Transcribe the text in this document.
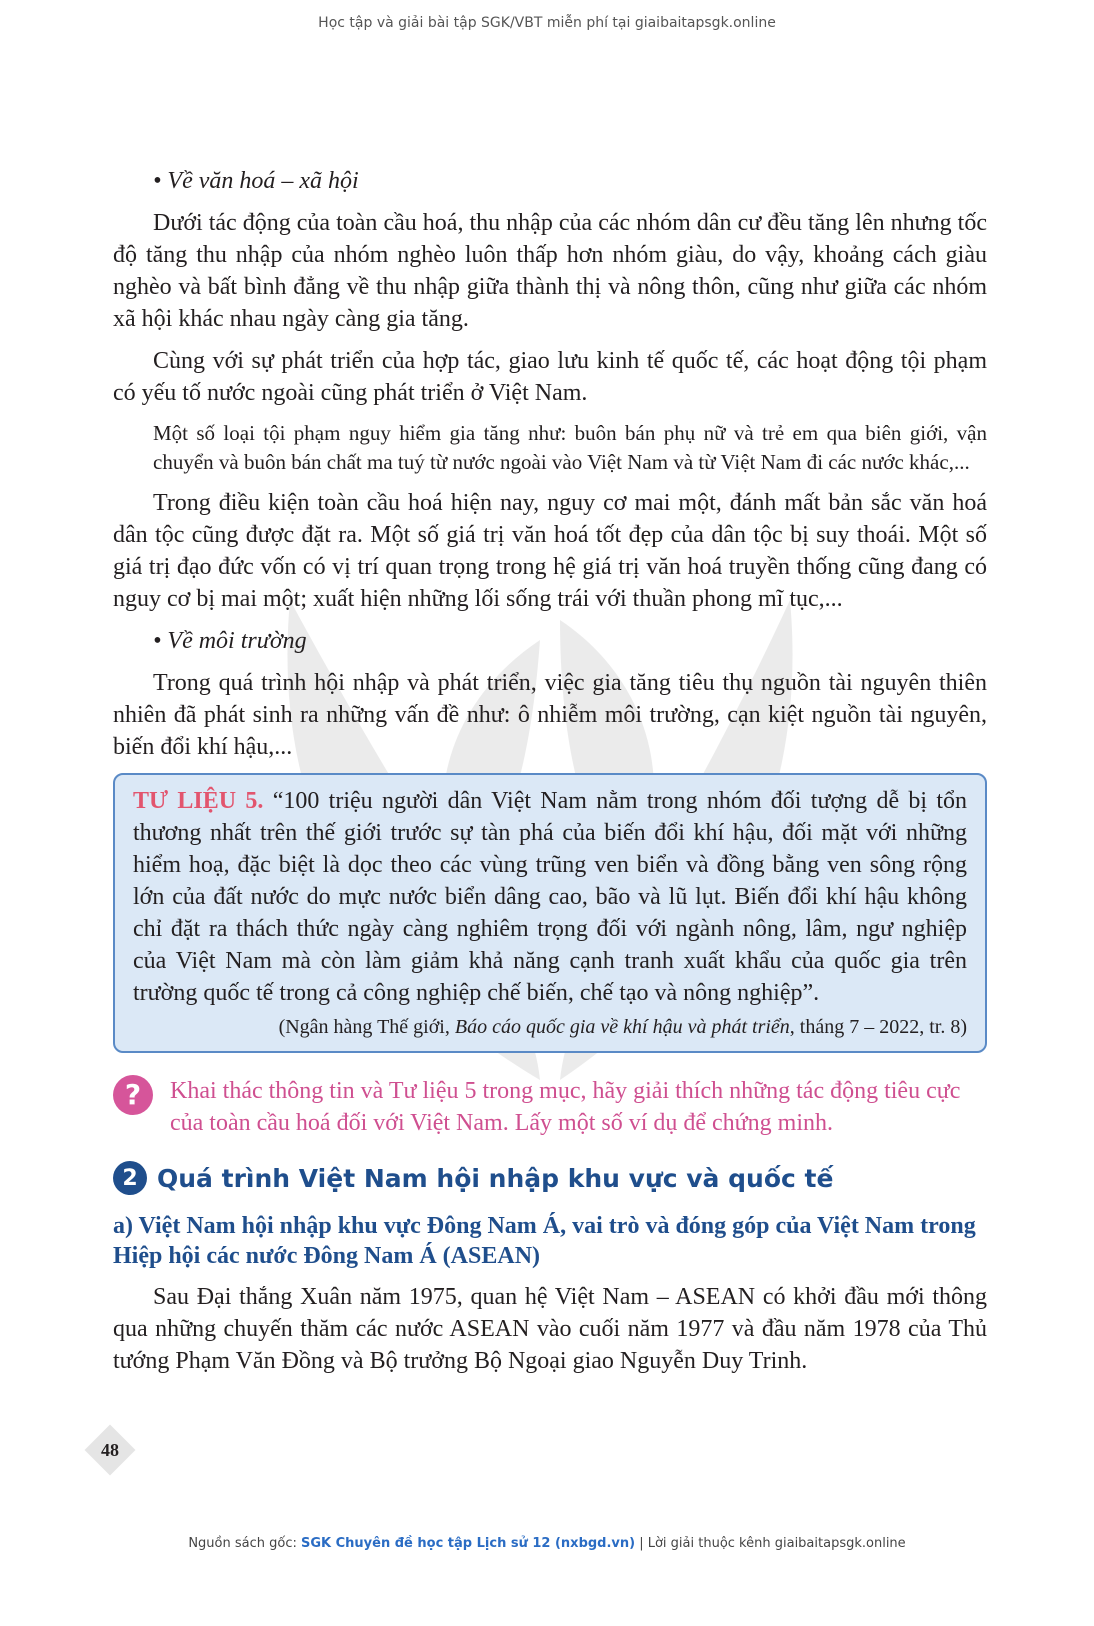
Học tập và giải bài tập SGK/VBT miễn phí tại giaibaitapsgk.online
• Về văn hoá – xã hội

Dưới tác động của toàn cầu hoá, thu nhập của các nhóm dân cư đều tăng lên nhưng tốc độ tăng thu nhập của nhóm nghèo luôn thấp hơn nhóm giàu, do vậy, khoảng cách giàu nghèo và bất bình đẳng về thu nhập giữa thành thị và nông thôn, cũng như giữa các nhóm xã hội khác nhau ngày càng gia tăng.

Cùng với sự phát triển của hợp tác, giao lưu kinh tế quốc tế, các hoạt động tội phạm có yếu tố nước ngoài cũng phát triển ở Việt Nam.

Một số loại tội phạm nguy hiểm gia tăng như: buôn bán phụ nữ và trẻ em qua biên giới, vận chuyển và buôn bán chất ma tuý từ nước ngoài vào Việt Nam và từ Việt Nam đi các nước khác,...

Trong điều kiện toàn cầu hoá hiện nay, nguy cơ mai một, đánh mất bản sắc văn hoá dân tộc cũng được đặt ra. Một số giá trị văn hoá tốt đẹp của dân tộc bị suy thoái. Một số giá trị đạo đức vốn có vị trí quan trọng trong hệ giá trị văn hoá truyền thống cũng đang có nguy cơ bị mai một; xuất hiện những lối sống trái với thuần phong mĩ tục,...

• Về môi trường

Trong quá trình hội nhập và phát triển, việc gia tăng tiêu thụ nguồn tài nguyên thiên nhiên đã phát sinh ra những vấn đề như: ô nhiễm môi trường, cạn kiệt nguồn tài nguyên, biến đổi khí hậu,...

TƯ LIỆU 5. “100 triệu người dân Việt Nam nằm trong nhóm đối tượng dễ bị tổn thương nhất trên thế giới trước sự tàn phá của biến đổi khí hậu, đối mặt với những hiểm hoạ, đặc biệt là dọc theo các vùng trũng ven biển và đồng bằng ven sông rộng lớn của đất nước do mực nước biển dâng cao, bão và lũ lụt. Biến đổi khí hậu không chỉ đặt ra thách thức ngày càng nghiêm trọng đối với ngành nông, lâm, ngư nghiệp của Việt Nam mà còn làm giảm khả năng cạnh tranh xuất khẩu của quốc gia trên trường quốc tế trong cả công nghiệp chế biến, chế tạo và nông nghiệp”.

(Ngân hàng Thế giới, Báo cáo quốc gia về khí hậu và phát triển, tháng 7 – 2022, tr. 8)
?	Khai thác thông tin và Tư liệu 5 trong mục, hãy giải thích những tác động tiêu cực của toàn cầu hoá đối với Việt Nam. Lấy một số ví dụ để chứng minh.
2 Quá trình Việt Nam hội nhập khu vực và quốc tế
a) Việt Nam hội nhập khu vực Đông Nam Á, vai trò và đóng góp của Việt Nam trong Hiệp hội các nước Đông Nam Á (ASEAN)

Sau Đại thắng Xuân năm 1975, quan hệ Việt Nam – ASEAN có khởi đầu mới thông qua những chuyến thăm các nước ASEAN vào cuối năm 1977 và đầu năm 1978 của Thủ tướng Phạm Văn Đồng và Bộ trưởng Bộ Ngoại giao Nguyễn Duy Trinh.

48
Nguồn sách gốc: SGK Chuyên đề học tập Lịch sử 12 (nxbgd.vn) | Lời giải thuộc kênh giaibaitapsgk.online
